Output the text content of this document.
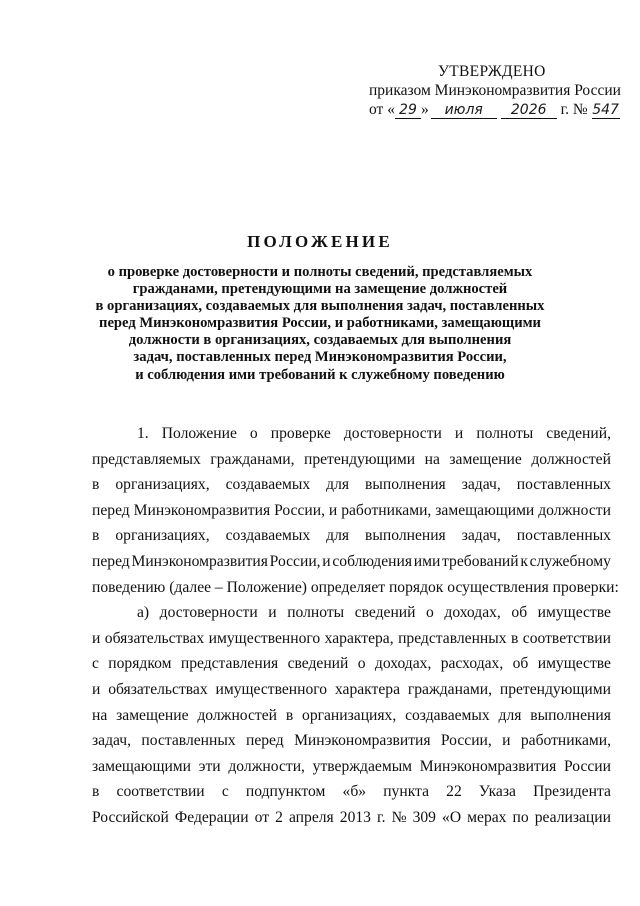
УТВЕРЖДЕНО
приказом Минэкономразвития России
от « 29 » июля 2026 г. № 547
ПОЛОЖЕНИЕ
о проверке достоверности и полноты сведений, представляемых
гражданами, претендующими на замещение должностей
в организациях, создаваемых для выполнения задач, поставленных
перед Минэкономразвития России, и работниками, замещающими
должности в организациях, создаваемых для выполнения
задач, поставленных перед Минэкономразвития России,
и соблюдения ими требований к служебному поведению
1. Положение о проверке достоверности и полноты сведений,
представляемых гражданами, претендующими на замещение должностей
в организациях, создаваемых для выполнения задач, поставленных
перед Минэкономразвития России, и работниками, замещающими должности
в организациях, создаваемых для выполнения задач, поставленных
перед Минэкономразвития России, и соблюдения ими требований к служебному
поведению (далее – Положение) определяет порядок осуществления проверки:
а) достоверности и полноты сведений о доходах, об имуществе
и обязательствах имущественного характера, представленных в соответствии
с порядком представления сведений о доходах, расходах, об имуществе
и обязательствах имущественного характера гражданами, претендующими
на замещение должностей в организациях, создаваемых для выполнения
задач, поставленных перед Минэкономразвития России, и работниками,
замещающими эти должности, утверждаемым Минэкономразвития России
в соответствии с подпунктом «б» пункта 22 Указа Президента
Российской Федерации от 2 апреля 2013 г. № 309 «О мерах по реализации
